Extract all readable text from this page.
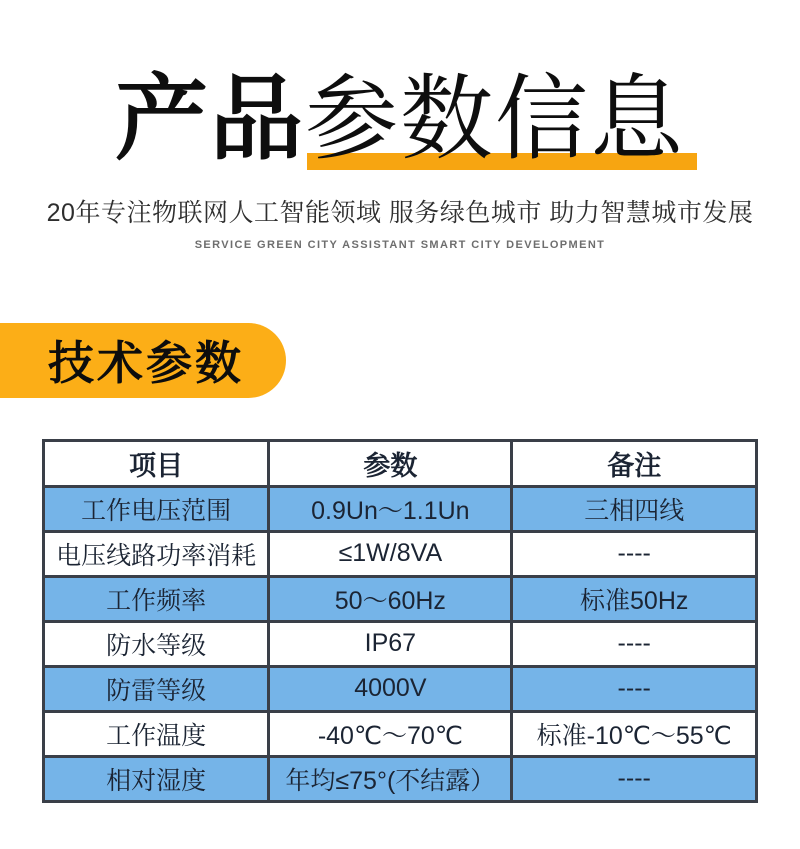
产品参数信息

20年专注物联网人工智能领域 服务绿色城市 助力智慧城市发展

SERVICE GREEN CITY ASSISTANT SMART CITY DEVELOPMENT

技术参数
项目	参数	备注
工作电压范围	0.9Un～1.1Un	三相四线
电压线路功率消耗	≤1W/8VA	----
工作频率	50～60Hz	标准50Hz
防水等级	IP67	----
防雷等级	4000V	----
工作温度	-40℃～70℃	标准-10℃～55℃
相对湿度	年均≤75°(不结露）	----
